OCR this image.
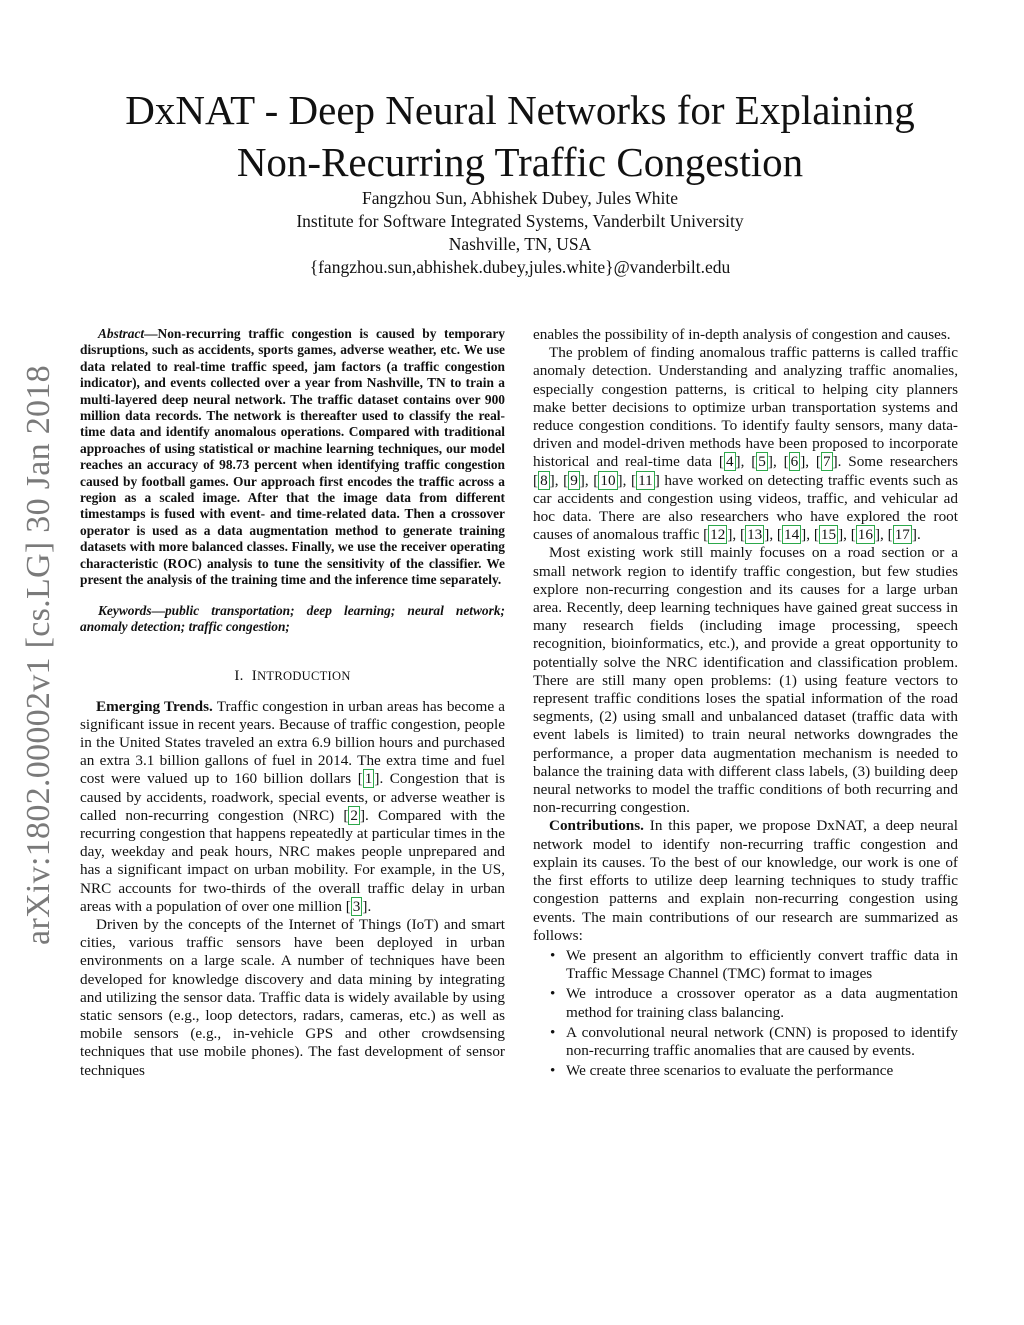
arXiv:1802.00002v1 [cs.LG] 30 Jan 2018
DxNAT - Deep Neural Networks for Explaining
Non-Recurring Traffic Congestion
Fangzhou Sun, Abhishek Dubey, Jules White
Institute for Software Integrated Systems, Vanderbilt University
Nashville, TN, USA
{fangzhou.sun,abhishek.dubey,jules.white}@vanderbilt.edu

Abstract—Non-recurring traffic congestion is caused by temporary disruptions, such as accidents, sports games, adverse weather, etc. We use data related to real-time traffic speed, jam factors (a traffic congestion indicator), and events collected over a year from Nashville, TN to train a multi-layered deep neural network. The traffic dataset contains over 900 million data records. The network is thereafter used to classify the real-time data and identify anomalous operations. Compared with traditional approaches of using statistical or machine learning techniques, our model reaches an accuracy of 98.73 percent when identifying traffic congestion caused by football games. Our approach first encodes the traffic across a region as a scaled image. After that the image data from different timestamps is fused with event- and time-related data. Then a crossover operator is used as a data augmentation method to generate training datasets with more balanced classes. Finally, we use the receiver operating characteristic (ROC) analysis to tune the sensitivity of the classifier. We present the analysis of the training time and the inference time separately.

Keywords—public transportation; deep learning; neural network; anomaly detection; traffic congestion;

I. INTRODUCTION

Emerging Trends. Traffic congestion in urban areas has become a significant issue in recent years. Because of traffic congestion, people in the United States traveled an extra 6.9 billion hours and purchased an extra 3.1 billion gallons of fuel in 2014. The extra time and fuel cost were valued up to 160 billion dollars [ 1 ]. Congestion that is caused by accidents, roadwork, special events, or adverse weather is called non-recurring congestion (NRC) [ 2 ]. Compared with the recurring congestion that happens repeatedly at particular times in the day, weekday and peak hours, NRC makes people unprepared and has a significant impact on urban mobility. For example, in the US, NRC accounts for two-thirds of the overall traffic delay in urban areas with a population of over one million [ 3 ].

Driven by the concepts of the Internet of Things (IoT) and smart cities, various traffic sensors have been deployed in urban environments on a large scale. A number of techniques have been developed for knowledge discovery and data mining by integrating and utilizing the sensor data. Traffic data is widely available by using static sensors (e.g., loop detectors, radars, cameras, etc.) as well as mobile sensors (e.g., in-vehicle GPS and other crowdsensing techniques that use mobile phones). The fast development of sensor techniques

enables the possibility of in-depth analysis of congestion and causes.

The problem of finding anomalous traffic patterns is called traffic anomaly detection. Understanding and analyzing traffic anomalies, especially congestion patterns, is critical to helping city planners make better decisions to optimize urban transportation systems and reduce congestion conditions. To identify faulty sensors, many data-driven and model-driven methods have been proposed to incorporate historical and real-time data [ 4 ], [ 5 ], [ 6 ], [ 7 ]. Some researchers [ 8 ], [ 9 ], [ 10 ], [ 11 ] have worked on detecting traffic events such as car accidents and congestion using videos, traffic, and vehicular ad hoc data. There are also researchers who have explored the root causes of anomalous traffic [ 12 ], [ 13 ], [ 14 ], [ 15 ], [ 16 ], [ 17 ].

Most existing work still mainly focuses on a road section or a small network region to identify traffic congestion, but few studies explore non-recurring congestion and its causes for a large urban area. Recently, deep learning techniques have gained great success in many research fields (including image processing, speech recognition, bioinformatics, etc.), and provide a great opportunity to potentially solve the NRC identification and classification problem. There are still many open problems: (1) using feature vectors to represent traffic conditions loses the spatial information of the road segments, (2) using small and unbalanced dataset (traffic data with event labels is limited) to train neural networks downgrades the performance, a proper data augmentation mechanism is needed to balance the training data with different class labels, (3) building deep neural networks to model the traffic conditions of both recurring and non-recurring congestion.

Contributions. In this paper, we propose DxNAT, a deep neural network model to identify non-recurring traffic congestion and explain its causes. To the best of our knowledge, our work is one of the first efforts to utilize deep learning techniques to study traffic congestion patterns and explain non-recurring congestion using events. The main contributions of our research are summarized as follows:

• We present an algorithm to efficiently convert traffic data in Traffic Message Channel (TMC) format to images
• We introduce a crossover operator as a data augmentation method for training class balancing.
• A convolutional neural network (CNN) is proposed to identify non-recurring traffic anomalies that are caused by events.
• We create three scenarios to evaluate the performance
